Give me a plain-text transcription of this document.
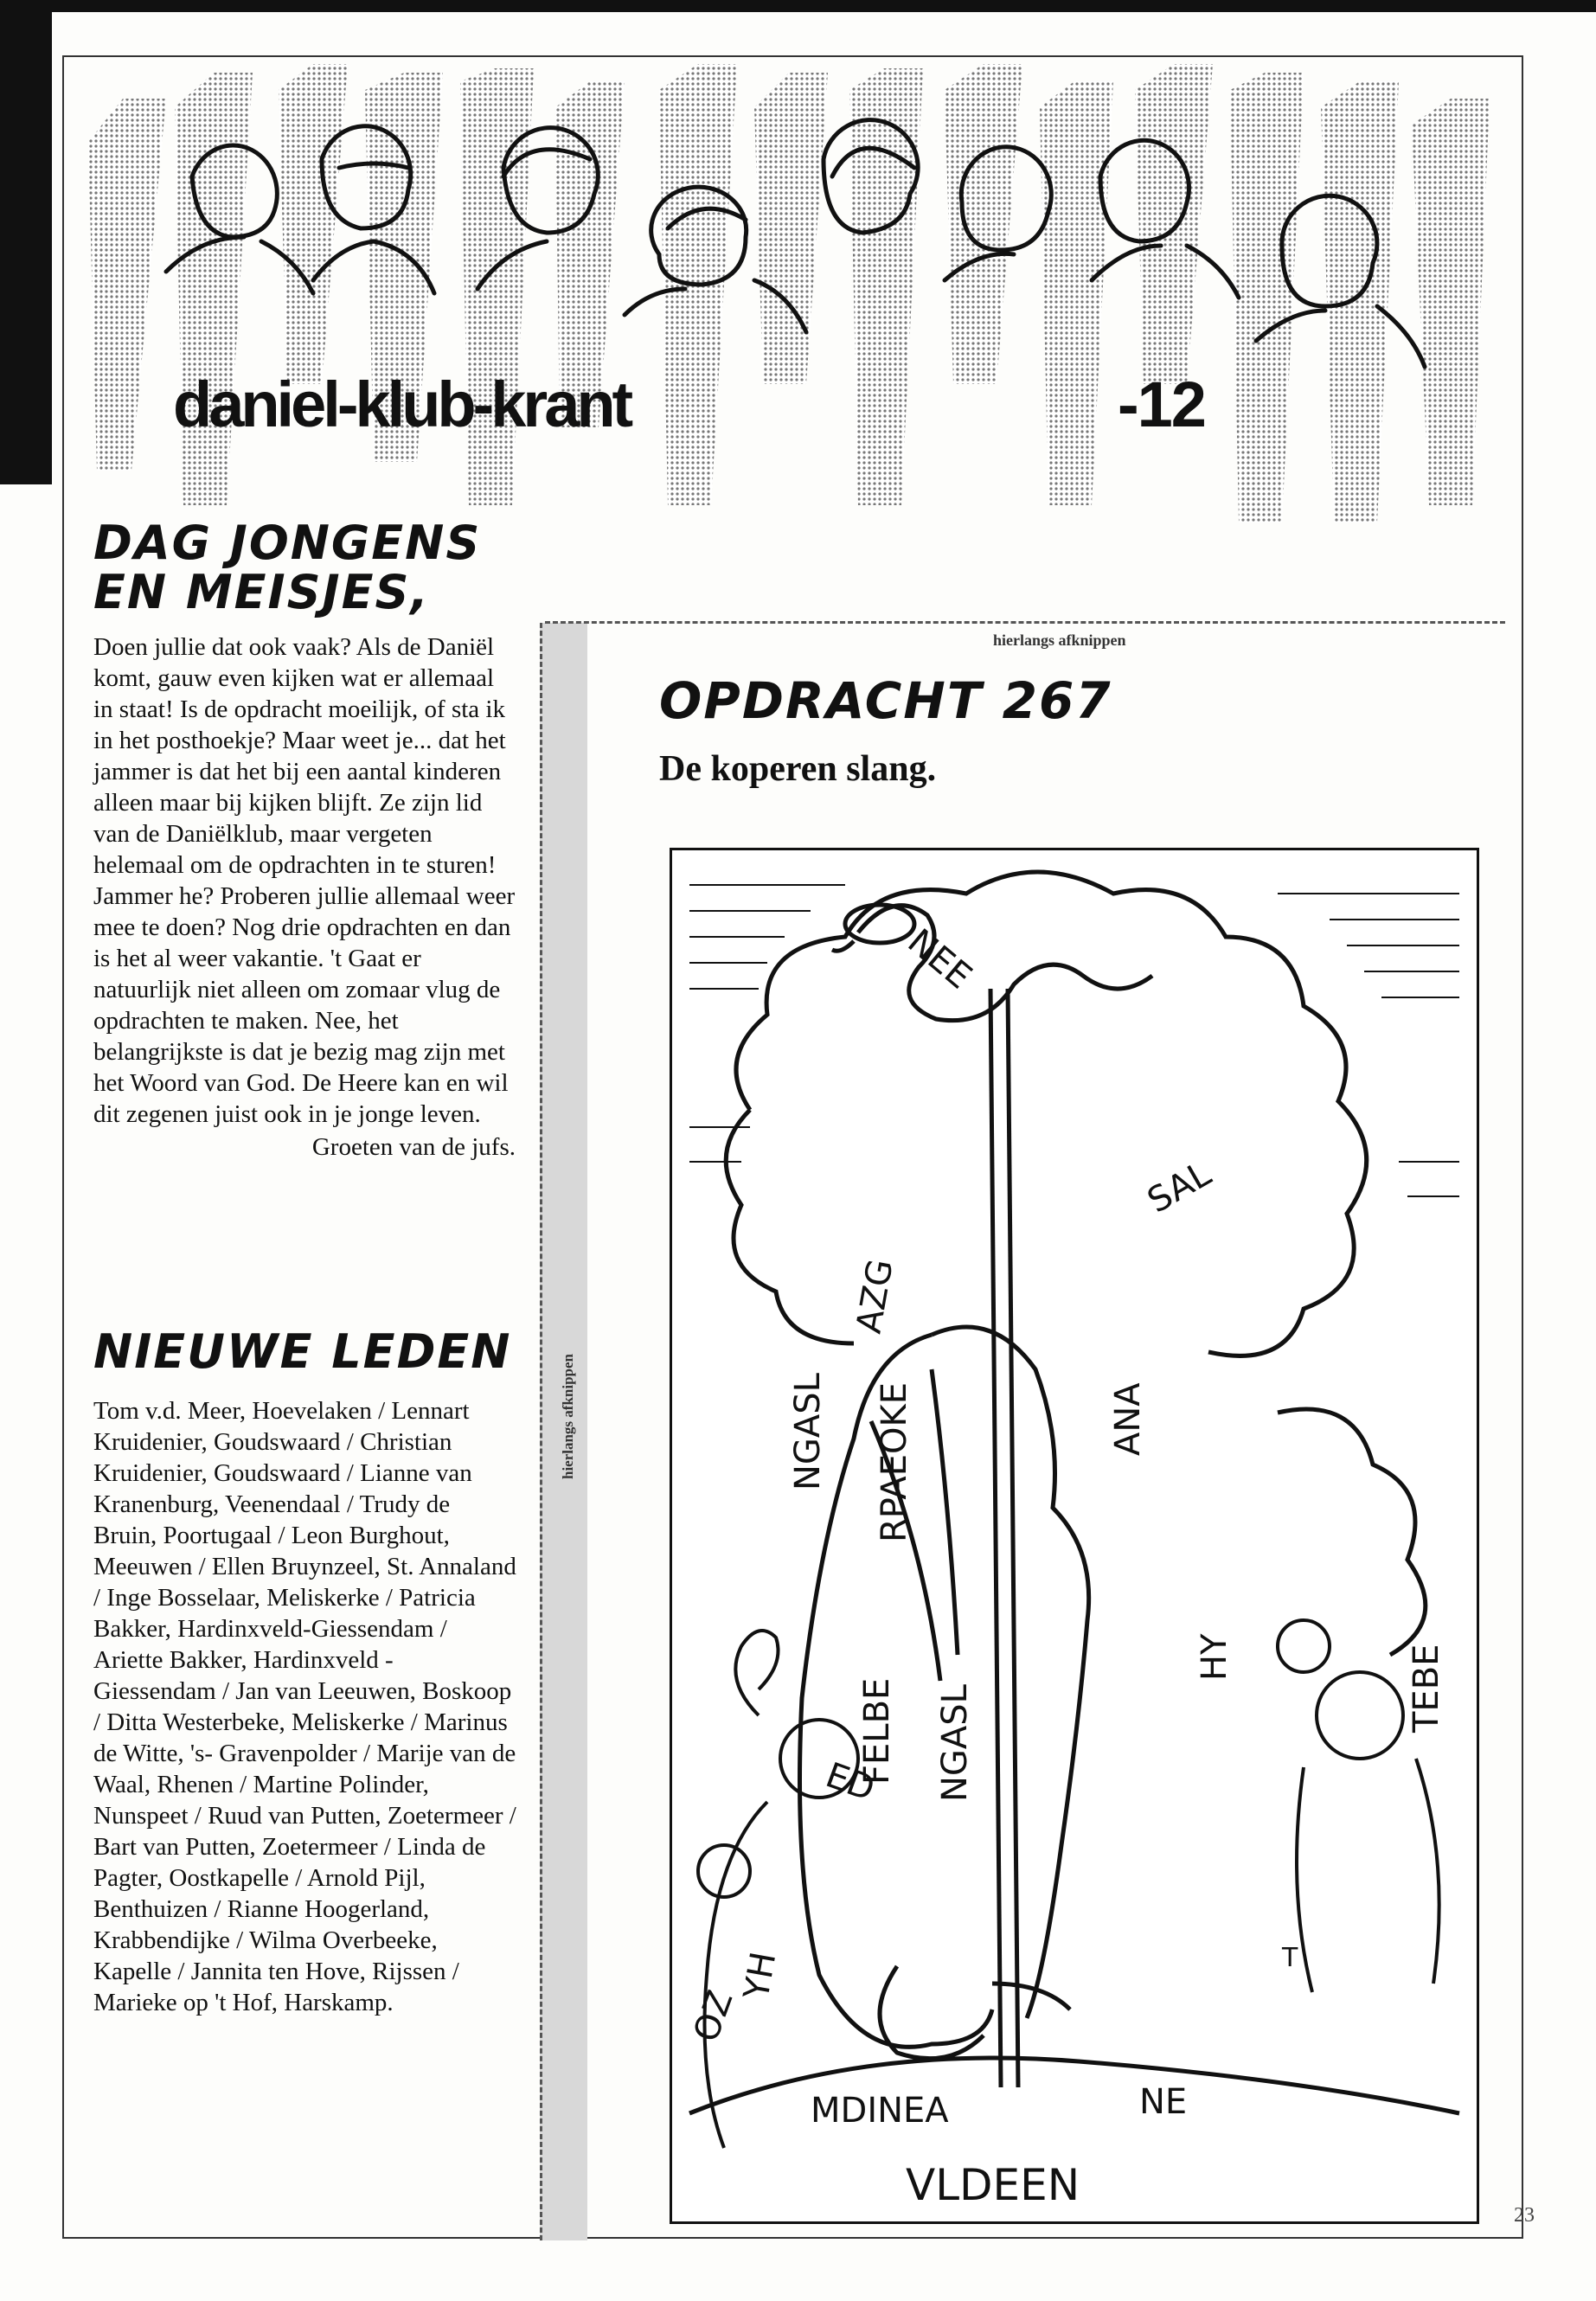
daniel-klub-krant	-12
DAG JONGENS EN MEISJES,

Doen jullie dat ook vaak? Als de Daniël komt, gauw even kijken wat er allemaal in staat! Is de opdracht moeilijk, of sta ik in het posthoekje? Maar weet je... dat het jammer is dat het bij een aantal kinderen alleen maar bij kijken blijft. Ze zijn lid van de Daniëlklub, maar vergeten helemaal om de opdrachten in te sturen! Jammer he? Proberen jullie allemaal weer mee te doen? Nog drie opdrachten en dan is het al weer vakantie. 't Gaat er natuurlijk niet alleen om zomaar vlug de opdrachten te maken. Nee, het belangrijkste is dat je bezig mag zijn met het Woord van God. De Heere kan en wil dit zegenen juist ook in je jonge leven.

Groeten van de jufs.

NIEUWE LEDEN
Tom v.d. Meer, Hoevelaken / Lennart Kruidenier, Goudswaard / Christian Kruidenier, Goudswaard / Lianne van Kranenburg, Veenendaal / Trudy de Bruin, Poortugaal / Leon Burghout, Meeuwen / Ellen Bruynzeel, St. Annaland / Inge Bosselaar, Meliskerke / Patricia Bakker, Hardinxveld-Giessendam / Ariette Bakker, Hardinxveld - Giessendam / Jan van Leeuwen, Boskoop / Ditta Westerbeke, Meliskerke / Marinus de Witte, 's- Gravenpolder / Marije van de Waal, Rhenen / Martine Polinder, Nunspeet / Ruud van Putten, Zoetermeer / Bart van Putten, Zoetermeer / Linda de Pagter, Oostkapelle / Arnold Pijl, Benthuizen / Rianne Hoogerland, Krabbendijke / Wilma Overbeeke, Kapelle / Jannita ten Hove, Rijssen / Marieke op 't Hof, Harskamp.
hierlangs afknippen
hierlangs afknippen
OPDRACHT 267
De koperen slang.
NEE
SAL
AZG
NGASL RPAEOKE	ANA
FELBE
ED NGASL
HY	TEBE
OZ
YH
MDINEA	NE
VLDEEN
T
23
